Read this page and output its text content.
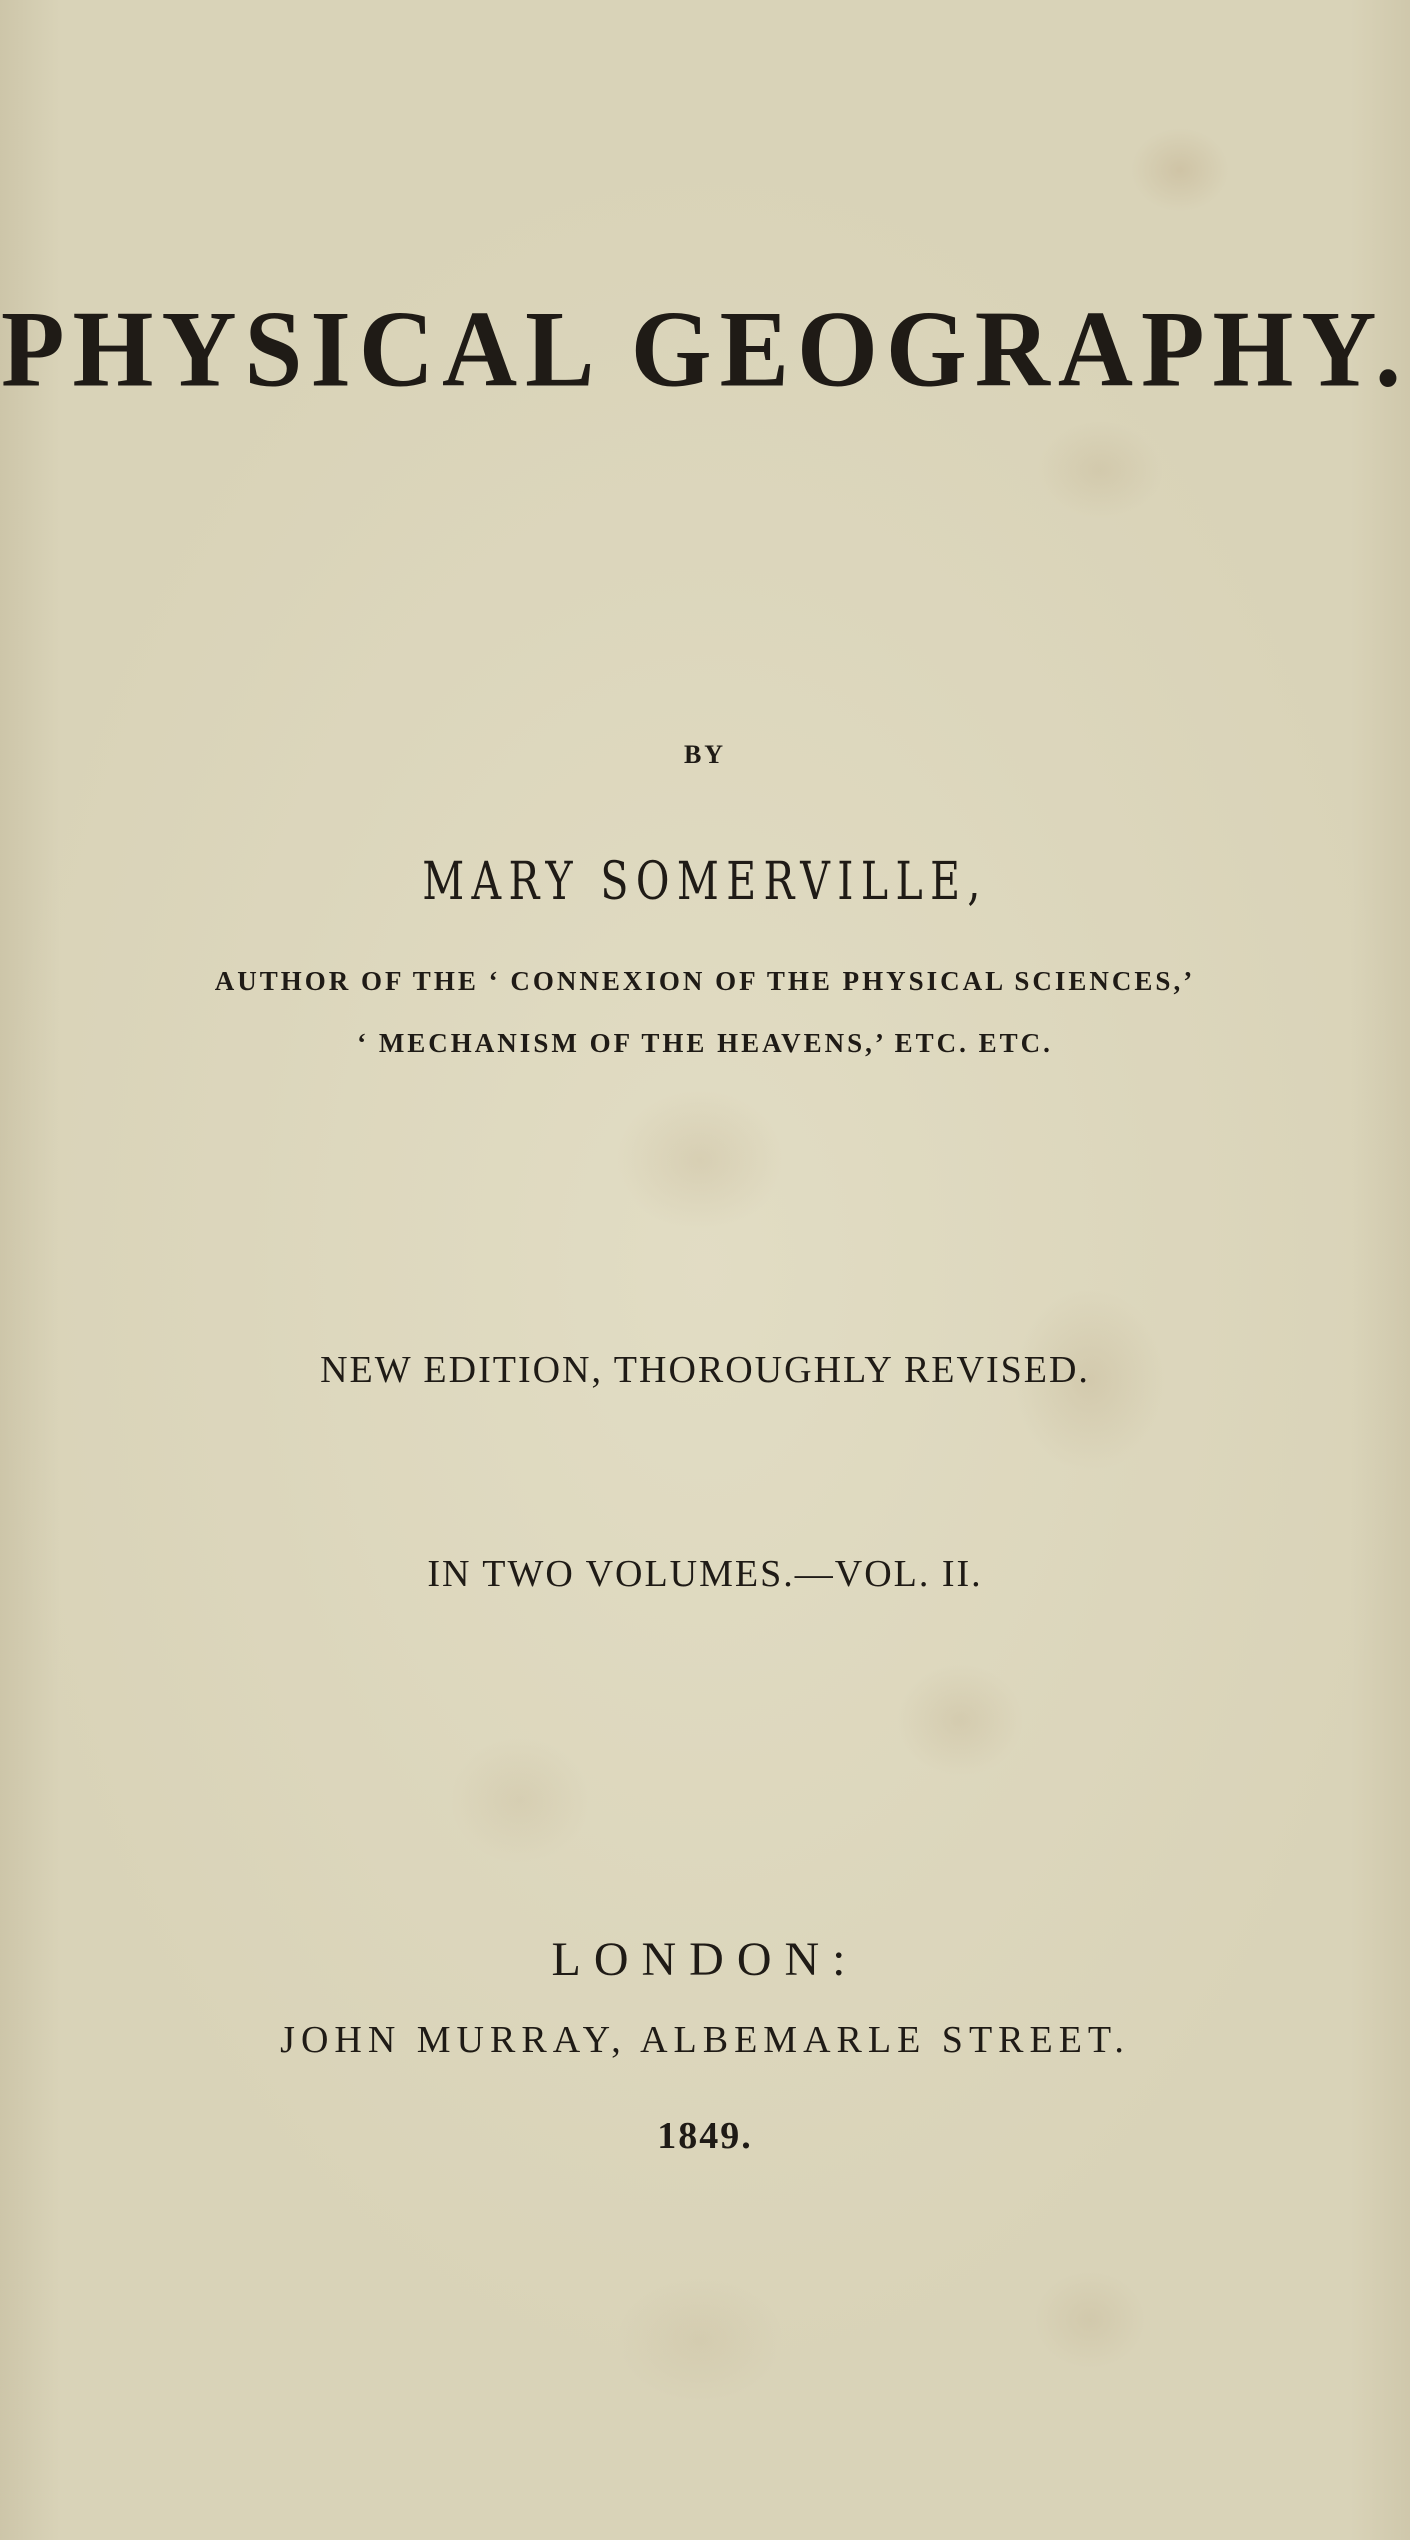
PHYSICAL GEOGRAPHY.

BY

MARY SOMERVILLE,

AUTHOR OF THE ‘ CONNEXION OF THE PHYSICAL SCIENCES,’

‘ MECHANISM OF THE HEAVENS,’ ETC. ETC.

NEW EDITION, THOROUGHLY REVISED.

IN TWO VOLUMES.—VOL. II.

LONDON:

JOHN MURRAY, ALBEMARLE STREET.

1849.
